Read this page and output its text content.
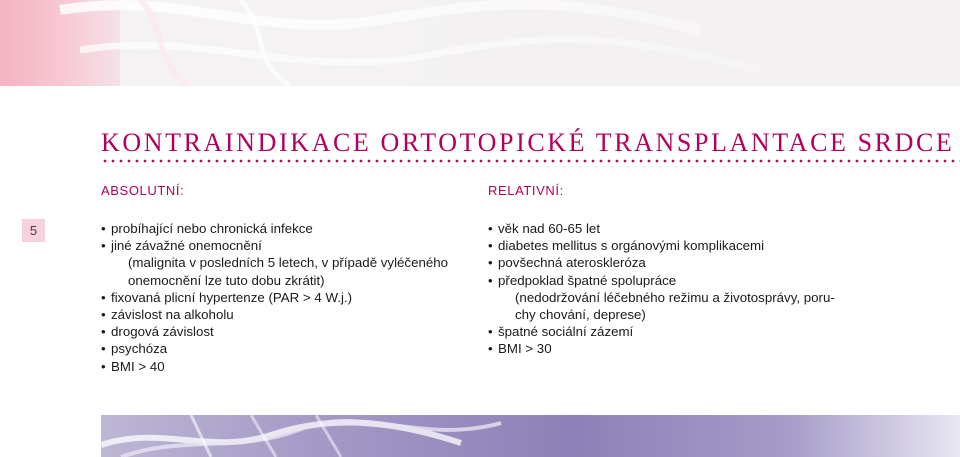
KONTRAINDIKACE ORTOTOPICKÉ TRANSPLANTACE SRDCE
5
ABSOLUTNÍ:
• probíhající nebo chronická infekce
• jiné závažné onemocnění
(malignita v posledních 5 letech, v případě vyléčeného
onemocnění lze tuto dobu zkrátit)
• fixovaná plicní hypertenze (PAR > 4 W.j.)
• závislost na alkoholu
• drogová závislost
• psychóza
• BMI > 40
RELATIVNÍ:
• věk nad 60-65 let
• diabetes mellitus s orgánovými komplikacemi
• povšechná ateroskleróza
• předpoklad špatné spolupráce
(nedodržování léčebného režimu a životosprávy, poru-
chy chování, deprese)
• špatné sociální zázemí
• BMI > 30
